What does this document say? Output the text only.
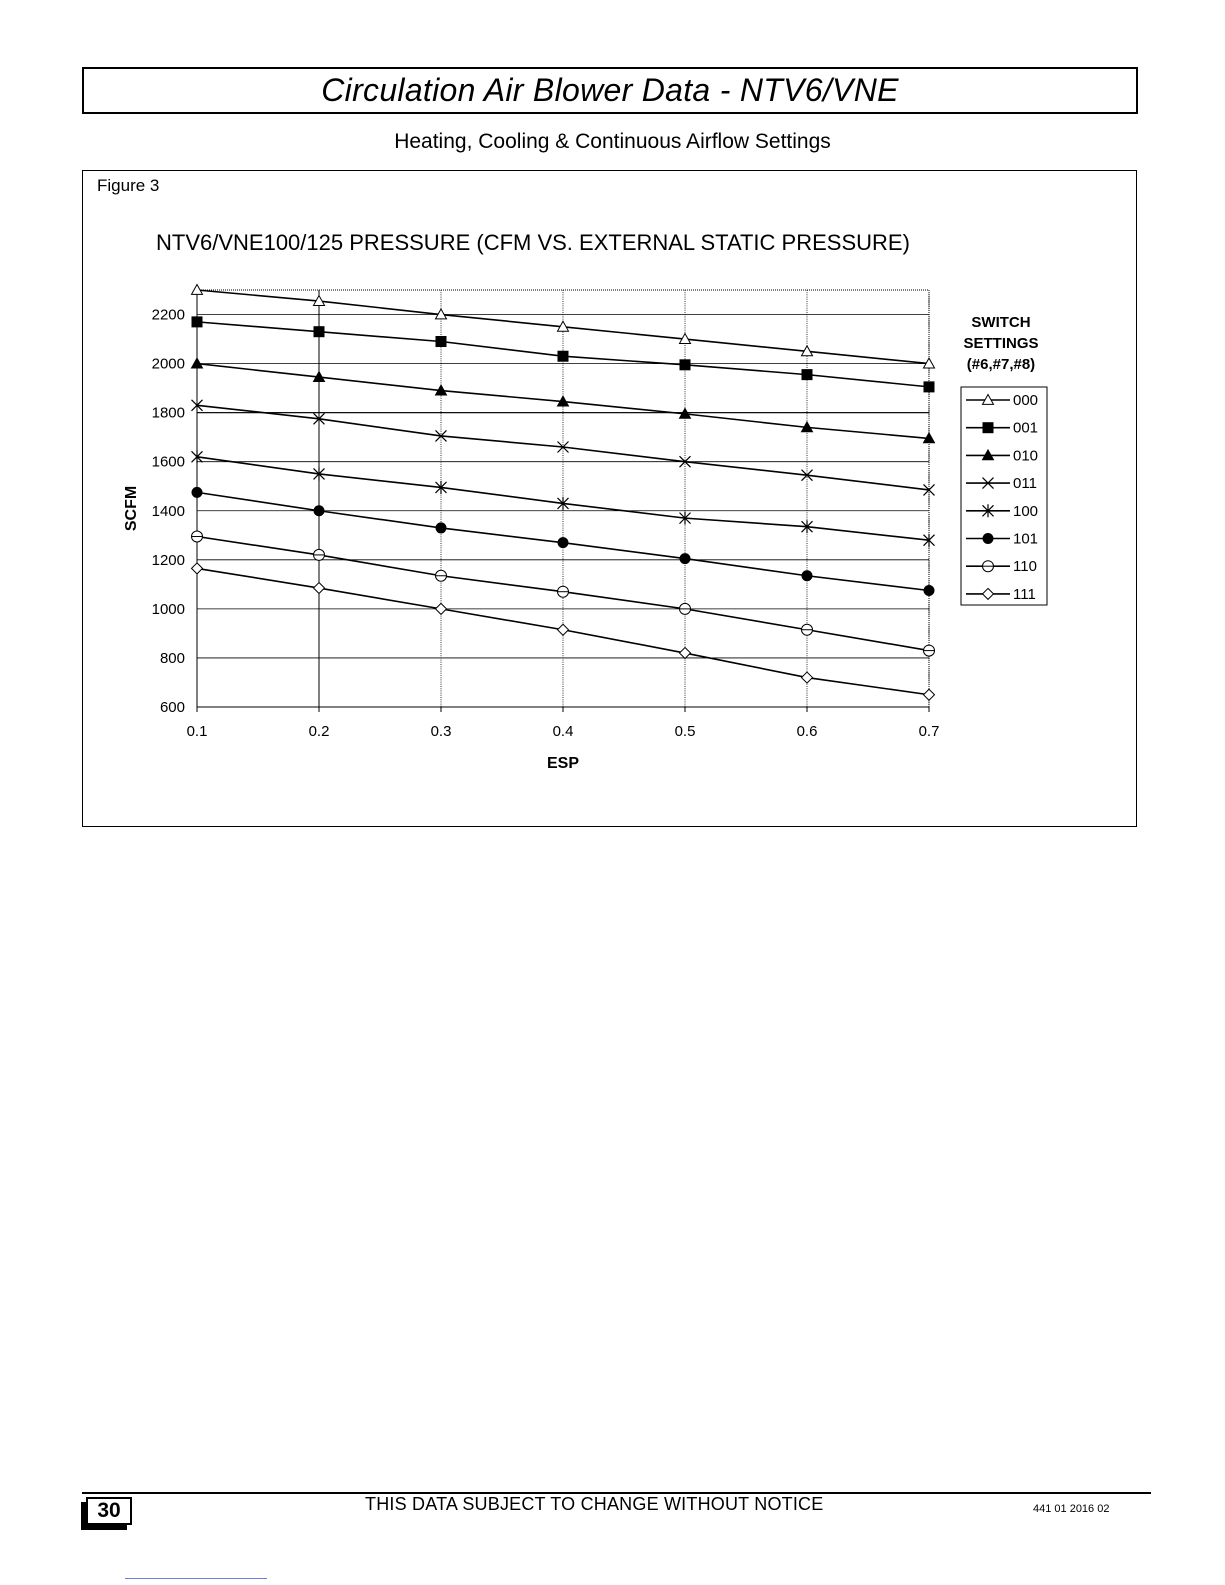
Circulation Air Blower Data - NTV6/VNE
Heating, Cooling & Continuous Airflow Settings
Figure 3
NTV6/VNE100/125 PRESSURE (CFM VS. EXTERNAL STATIC PRESSURE)
600
800
1000
1200
1400
1600
1800
2000
2200
0.1	0.2	0.3	0.4	0.5	0.6	0.7
ESP
SCFM
SWITCH
SETTINGS
(#6,#7,#8)
000
001
010
011
100
101
110
111
30	THIS DATA SUBJECT TO CHANGE WITHOUT NOTICE	441 01 2016 02
